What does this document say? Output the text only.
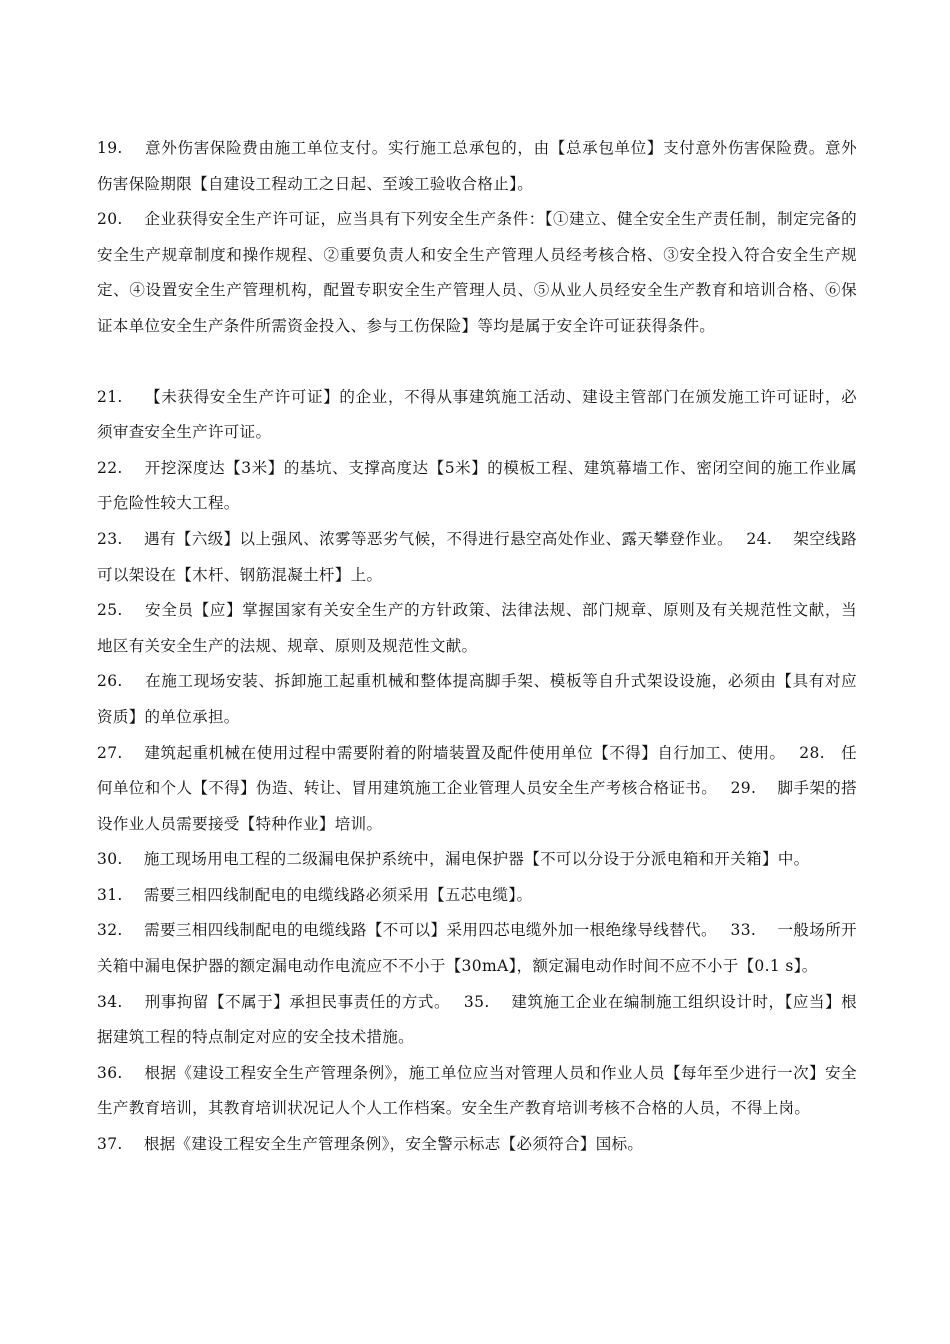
19. 意外伤害保险费由施工单位支付。实行施工总承包的，由【总承包单位】支付意外伤害保险费。意外伤害保险期限【自建设工程动工之日起、至竣工验收合格止】。

20. 企业获得安全生产许可证，应当具有下列安全生产条件：【①建立、健全安全生产责任制，制定完备的安全生产规章制度和操作规程、②重要负责人和安全生产管理人员经考核合格、③安全投入符合安全生产规定、④设置安全生产管理机构，配置专职安全生产管理人员、⑤从业人员经安全生产教育和培训合格、⑥保证本单位安全生产条件所需资金投入、参与工伤保险】等均是属于安全许可证获得条件。

21. 【未获得安全生产许可证】的企业，不得从事建筑施工活动、建设主管部门在颁发施工许可证时，必须审查安全生产许可证。

22. 开挖深度达【3米】的基坑、支撑高度达【5米】的模板工程、建筑幕墙工作、密闭空间的施工作业属于危险性较大工程。

23. 遇有【六级】以上强风、浓雾等恶劣气候，不得进行悬空高处作业、露天攀登作业。　 24.　 架空线路可以架设在【木杆、钢筋混凝土杆】上。

25. 安全员【应】掌握国家有关安全生产的方针政策、法律法规、部门规章、原则及有关规范性文献，当地区有关安全生产的法规、规章、原则及规范性文献。

26. 在施工现场安装、拆卸施工起重机械和整体提高脚手架、模板等自升式架设设施，必须由【具有对应资质】的单位承担。

27. 建筑起重机械在使用过程中需要附着的附墙装置及配件使用单位【不得】自行加工、使用。　 28.　任何单位和个人【不得】伪造、转让、冒用建筑施工企业管理人员安全生产考核合格证书。　 29.　 脚手架的搭设作业人员需要接受【特种作业】培训。

30. 施工现场用电工程的二级漏电保护系统中，漏电保护器【不可以分设于分派电箱和开关箱】中。

31. 需要三相四线制配电的电缆线路必须采用【五芯电缆】。

32. 需要三相四线制配电的电缆线路【不可以】采用四芯电缆外加一根绝缘导线替代。　 33.　 一般场所开关箱中漏电保护器的额定漏电动作电流应不不小于【30mA】，额定漏电动作时间不应不小于【0.1 s】。

34. 刑事拘留【不属于】承担民事责任的方式。　 35.　 建筑施工企业在编制施工组织设计时，【应当】根据建筑工程的特点制定对应的安全技术措施。

36. 根据《建设工程安全生产管理条例》，施工单位应当对管理人员和作业人员【每年至少进行一次】安全生产教育培训，其教育培训状况记人个人工作档案。安全生产教育培训考核不合格的人员，不得上岗。

37. 根据《建设工程安全生产管理条例》，安全警示标志【必须符合】国标。
